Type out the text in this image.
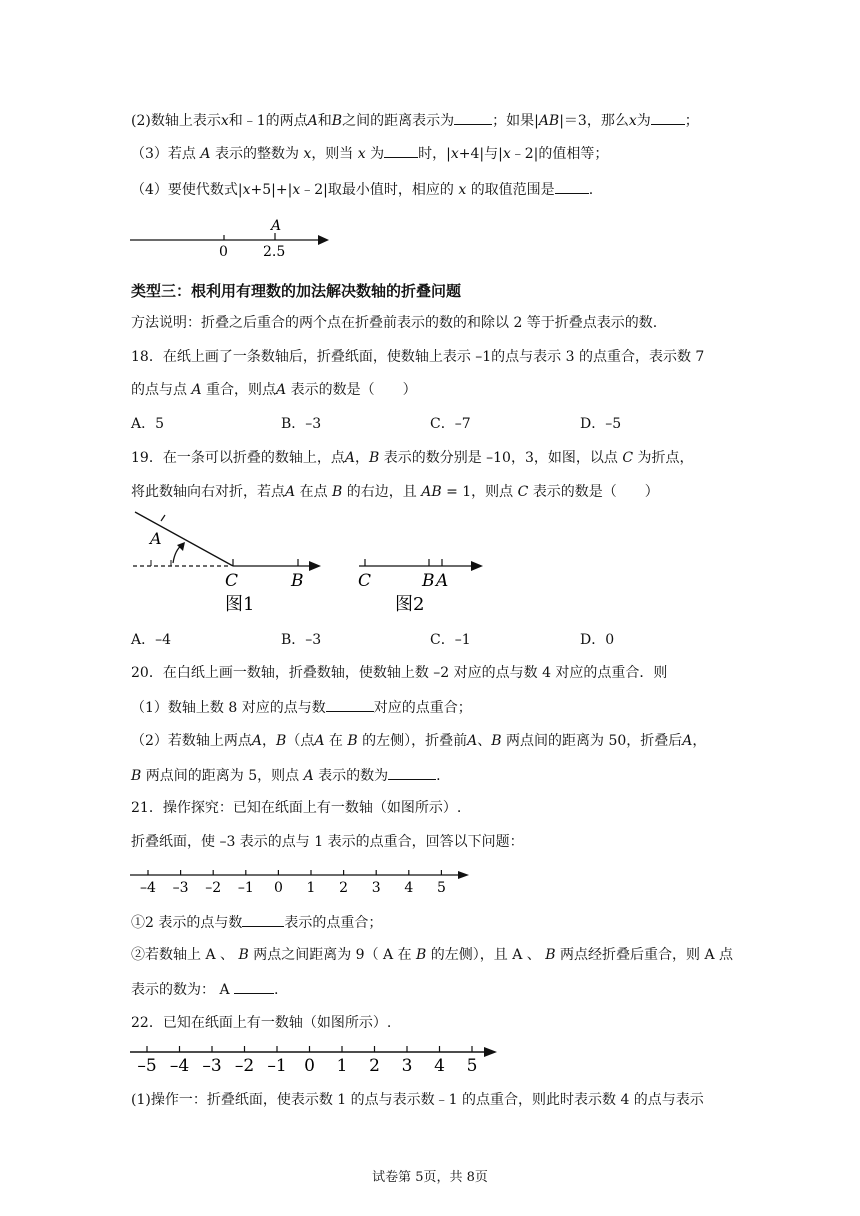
(2)数轴上表示x和﹣1的两点A和B之间的距离表示为	；如果|AB|＝3，那么x为 ；
（3）若点 A 表示的整数为 x，则当 x 为 时，|x+4|与|x﹣2|的值相等；
（4）要使代数式|x+5|+|x﹣2|取最小值时，相应的 x 的取值范围是 .
A
0	2.5
类型三：根利用有理数的加法解决数轴的折叠问题
方法说明：折叠之后重合的两个点在折叠前表示的数的和除以 2 等于折叠点表示的数.
18．在纸上画了一条数轴后，折叠纸面，使数轴上表示 –1的点与表示 3 的点重合，表示数 7
的点与点 A 重合，则点A 表示的数是（　　）
A．5	B．–3	C．–7	D．–5
19．在一条可以折叠的数轴上，点A，B 表示的数分别是 –10，3，如图，以点 C 为折点，
将此数轴向右对折，若点A 在点 B 的右边，且 AB = 1，则点 C 表示的数是（　　）
A
C	B
图1
C	B A
图2
A．–4	B．–3	C．–1	D．0
20．在白纸上画一数轴，折叠数轴，使数轴上数 –2 对应的点与数 4 对应的点重合．则
（1）数轴上数 8 对应的点与数	对应的点重合；
（2）若数轴上两点A，B（点A 在 B 的左侧），折叠前A、B 两点间的距离为 50，折叠后A，
B 两点间的距离为 5，则点 A 表示的数为	.
21．操作探究：已知在纸面上有一数轴（如图所示）.
折叠纸面，使 –3 表示的点与 1 表示的点重合，回答以下问题：
–4 –3 –2 –1 0 1 2 3 4 5
①2 表示的点与数	表示的点重合；
②若数轴上 A 、 B 两点之间距离为 9（ A 在 B 的左侧），且 A 、 B 两点经折叠后重合，则 A 点
表示的数为： A	.
22．已知在纸面上有一数轴（如图所示）.
–5 –4 –3 –2 –1 0 1 2 3 4 5
(1)操作一：折叠纸面，使表示数 1 的点与表示数﹣1 的点重合，则此时表示数 4 的点与表示
试卷第 5页，共 8页
